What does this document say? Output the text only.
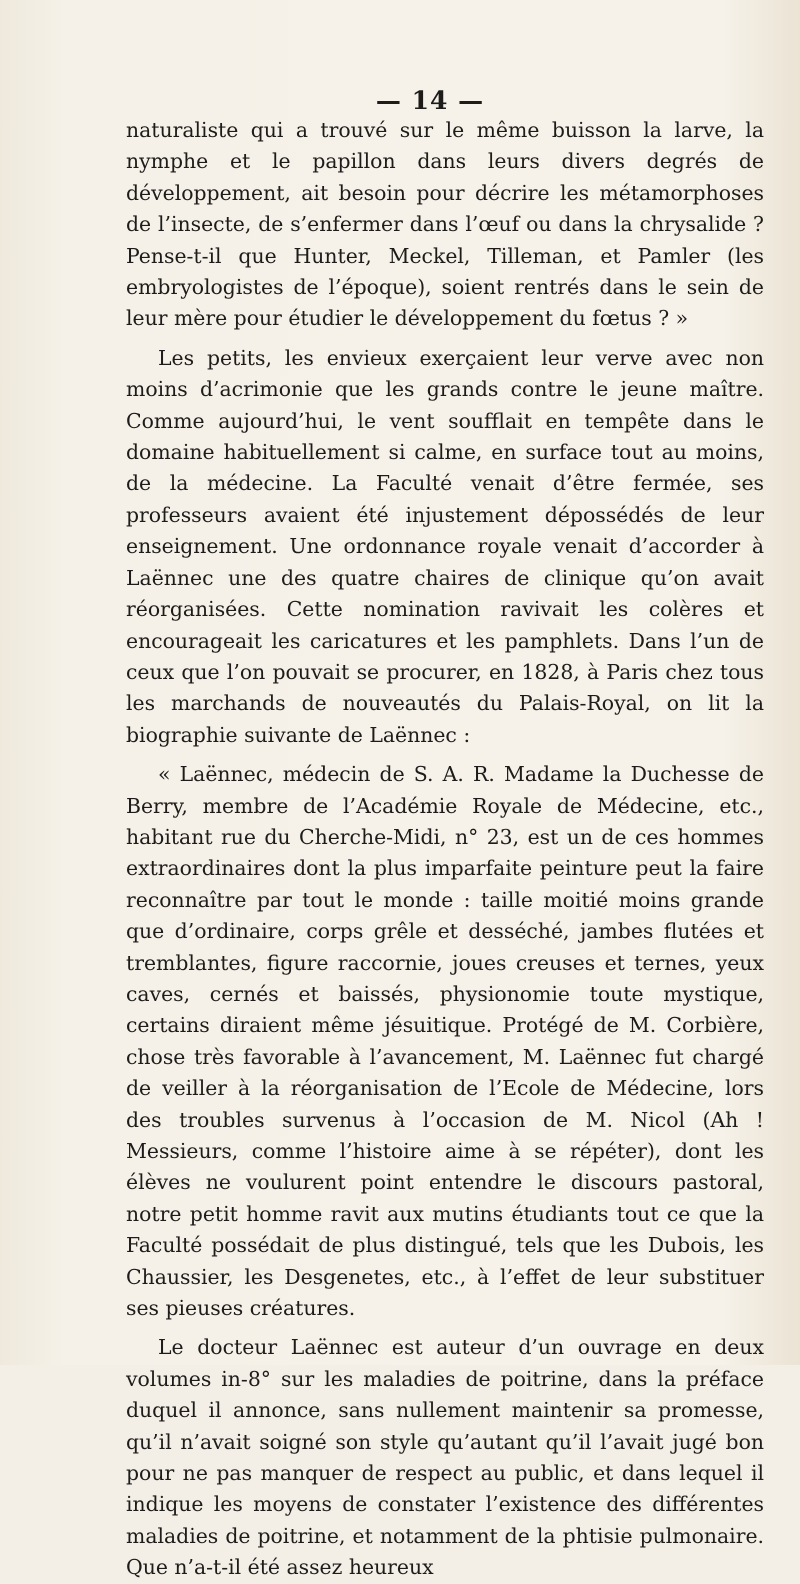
— 14 —

naturaliste qui a trouvé sur le même buisson la larve, la nymphe et le papillon dans leurs divers degrés de développement, ait besoin pour décrire les métamorphoses de l’insecte, de s’enfermer dans l’œuf ou dans la chrysalide ? Pense-t-il que Hunter, Meckel, Tilleman, et Pamler (les embryologistes de l’époque), soient rentrés dans le sein de leur mère pour étudier le développement du fœtus ? »

Les petits, les envieux exerçaient leur verve avec non moins d’acrimonie que les grands contre le jeune maître. Comme aujourd’hui, le vent soufflait en tempête dans le domaine habituellement si calme, en surface tout au moins, de la médecine. La Faculté venait d’être fermée, ses professeurs avaient été injustement dépossédés de leur enseignement. Une ordonnance royale venait d’accorder à Laënnec une des quatre chaires de clinique qu’on avait réorganisées. Cette nomination ravivait les colères et encourageait les caricatures et les pamphlets. Dans l’un de ceux que l’on pouvait se procurer, en 1828, à Paris chez tous les marchands de nouveautés du Palais-Royal, on lit la biographie suivante de Laënnec :

« Laënnec, médecin de S. A. R. Madame la Duchesse de Berry, membre de l’Académie Royale de Médecine, etc., habitant rue du Cherche-Midi, n° 23, est un de ces hommes extraordinaires dont la plus imparfaite peinture peut la faire reconnaître par tout le monde : taille moitié moins grande que d’ordinaire, corps grêle et desséché, jambes flutées et tremblantes, figure raccornie, joues creuses et ternes, yeux caves, cernés et baissés, physionomie toute mystique, certains diraient même jésuitique. Protégé de M. Corbière, chose très favorable à l’avancement, M. Laënnec fut chargé de veiller à la réorganisation de l’Ecole de Médecine, lors des troubles survenus à l’occasion de M. Nicol (Ah ! Messieurs, comme l’histoire aime à se répéter), dont les élèves ne voulurent point entendre le discours pastoral, notre petit homme ravit aux mutins étudiants tout ce que la Faculté possédait de plus distingué, tels que les Dubois, les Chaussier, les Desgenetes, etc., à l’effet de leur substituer ses pieuses créatures.

Le docteur Laënnec est auteur d’un ouvrage en deux volumes in-8° sur les maladies de poitrine, dans la préface duquel il annonce, sans nullement maintenir sa promesse, qu’il n’avait soigné son style qu’autant qu’il l’avait jugé bon pour ne pas manquer de respect au public, et dans lequel il indique les moyens de constater l’existence des différentes maladies de poitrine, et notamment de la phtisie pulmonaire. Que n’a-t-il été assez heureux
